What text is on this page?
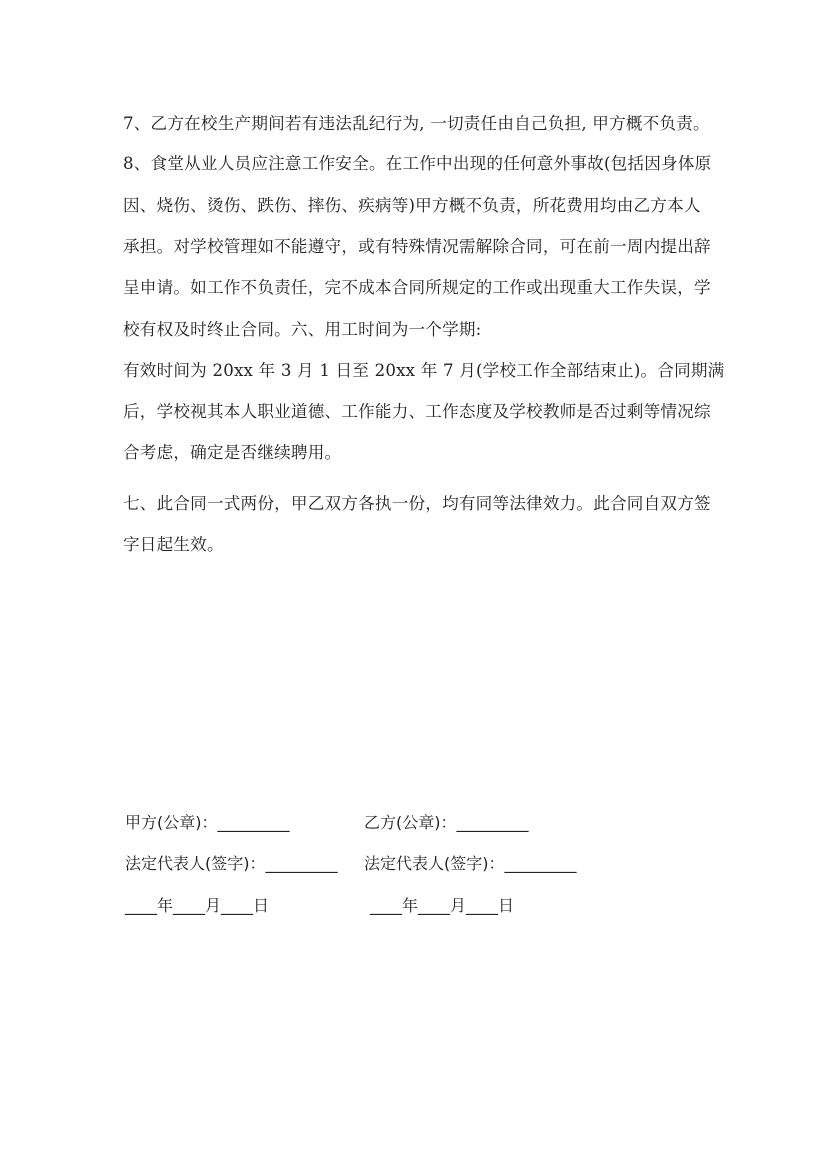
7、乙方在校生产期间若有违法乱纪行为, 一切责任由自己负担, 甲方概不负责。
8、食堂从业人员应注意工作安全。在工作中出现的任何意外事故(包括因身体原
因、烧伤、烫伤、跌伤、摔伤、疾病等)甲方概不负责，所花费用均由乙方本人
承担。对学校管理如不能遵守，或有特殊情况需解除合同，可在前一周内提出辞
呈申请。如工作不负责任，完不成本合同所规定的工作或出现重大工作失误，学
校有权及时终止合同。六、用工时间为一个学期:
有效时间为 20xx 年 3 月 1 日至 20xx 年 7 月(学校工作全部结束止)。合同期满
后，学校视其本人职业道德、工作能力、工作态度及学校教师是否过剩等情况综
合考虑，确定是否继续聘用。
七、此合同一式两份，甲乙双方各执一份，均有同等法律效力。此合同自双方签
字日起生效。
甲方(公章)：_________	乙方(公章)：_________
法定代表人(签字)：_________ 法定代表人(签字)：_________
____年____月____日	____年____月____日
